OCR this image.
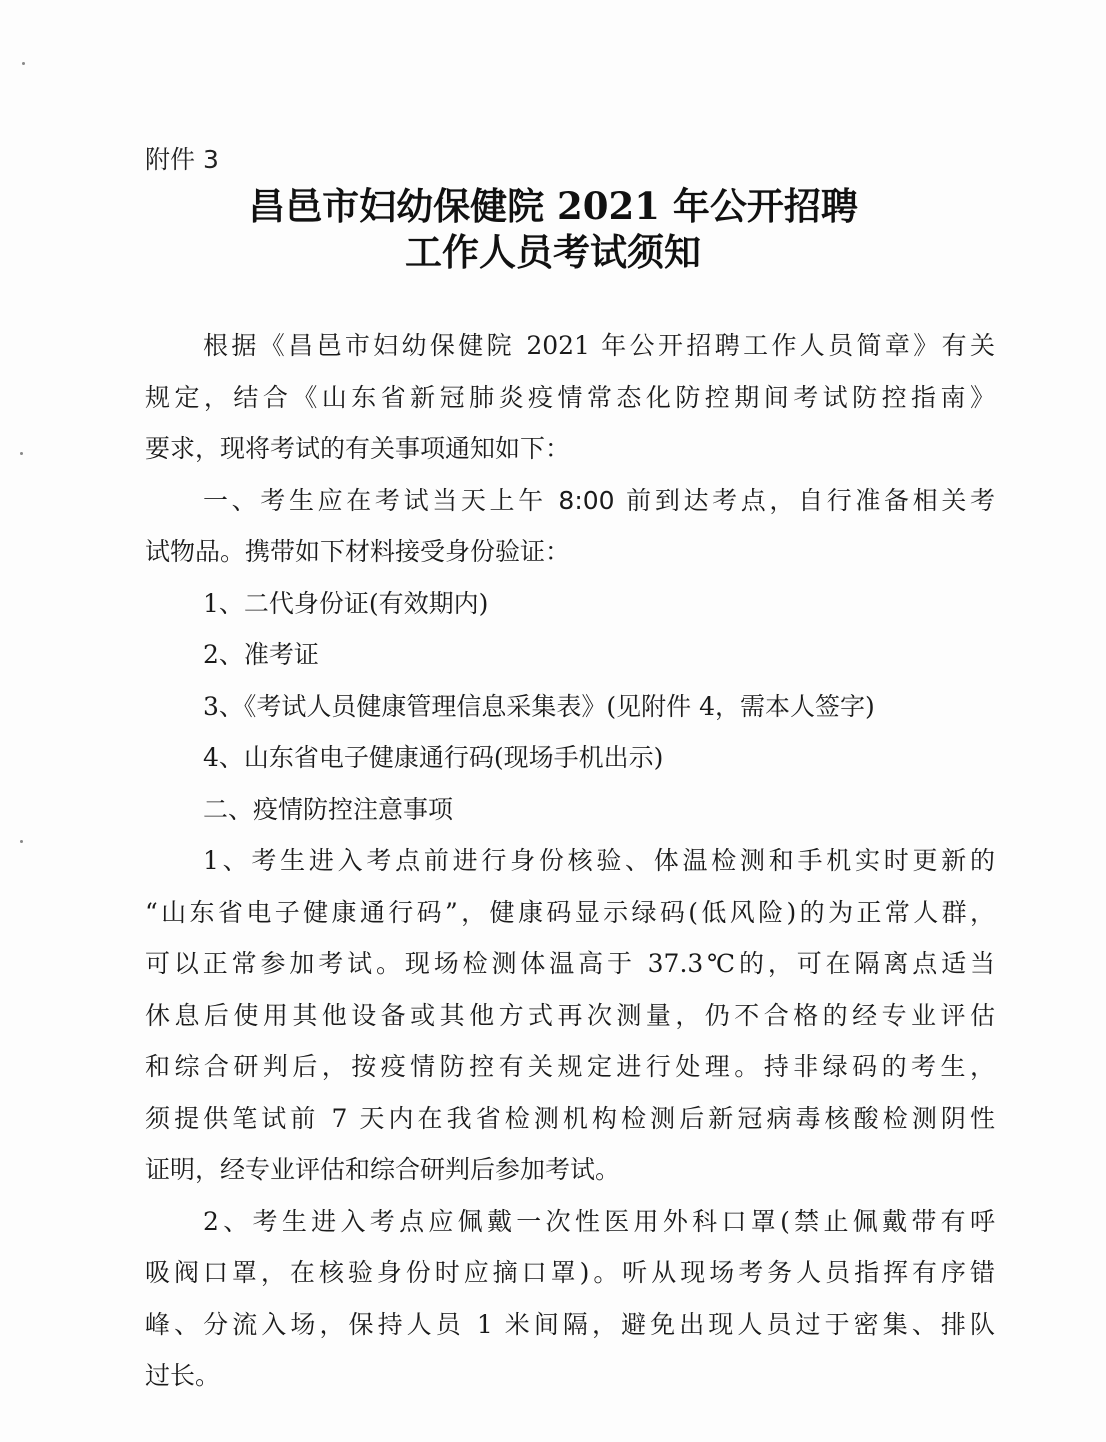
附件 3
昌邑市妇幼保健院 2021 年公开招聘
工作人员考试须知
根据《昌邑市妇幼保健院 2021 年公开招聘工作人员简章》有关
规定，结合《山东省新冠肺炎疫情常态化防控期间考试防控指南》
要求，现将考试的有关事项通知如下：
一、考生应在考试当天上午 8:00 前到达考点，自行准备相关考
试物品。携带如下材料接受身份验证：
1、二代身份证(有效期内)
2、准考证
3、《考试人员健康管理信息采集表》(见附件 4，需本人签字)
4、山东省电子健康通行码(现场手机出示)
二、疫情防控注意事项
1、考生进入考点前进行身份核验、体温检测和手机实时更新的
“山东省电子健康通行码”，健康码显示绿码(低风险)的为正常人群，
可以正常参加考试。现场检测体温高于 37.3℃的，可在隔离点适当
休息后使用其他设备或其他方式再次测量，仍不合格的经专业评估
和综合研判后，按疫情防控有关规定进行处理。持非绿码的考生，
须提供笔试前 7 天内在我省检测机构检测后新冠病毒核酸检测阴性
证明，经专业评估和综合研判后参加考试。
2、考生进入考点应佩戴一次性医用外科口罩(禁止佩戴带有呼
吸阀口罩，在核验身份时应摘口罩)。听从现场考务人员指挥有序错
峰、分流入场，保持人员 1 米间隔，避免出现人员过于密集、排队
过长。
